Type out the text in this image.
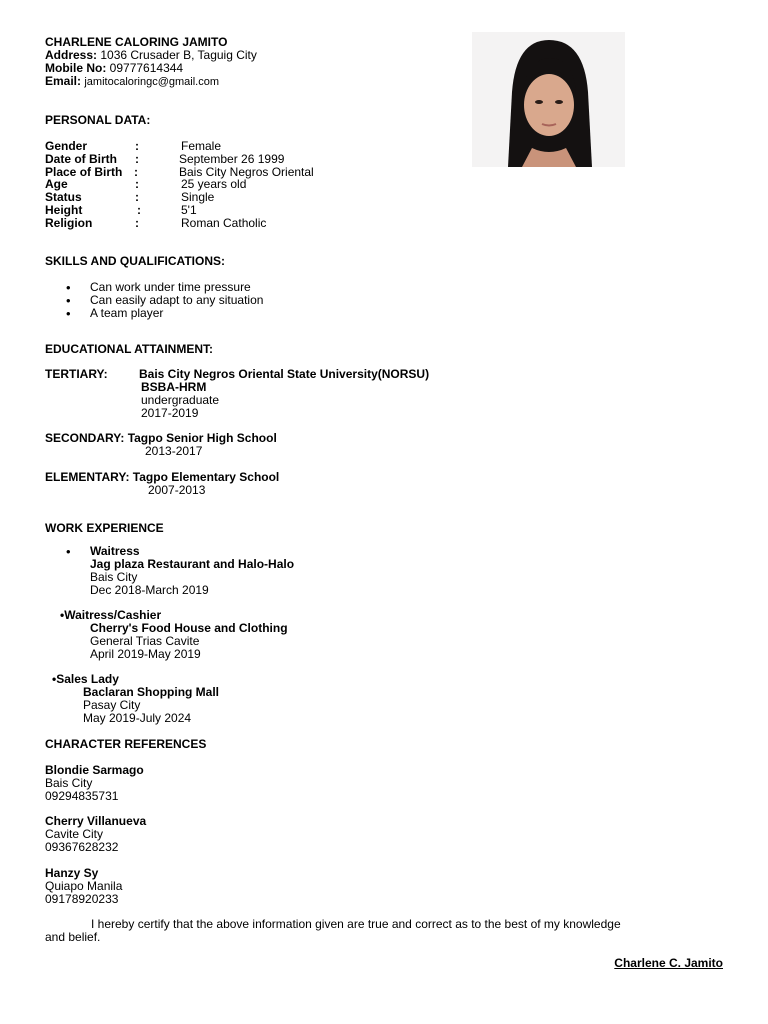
CHARLENE CALORING JAMITO
Address: 1036 Crusader B, Taguig City
Mobile No: 09777614344
Email: jamitocaloringc@gmail.com
PERSONAL DATA:
Gender	:	Female
Date of Birth :	September 26 1999
Place of Birth :	Bais City Negros Oriental
Age	:	25 years old
Status	:	Single
Height	:	5'1
Religion	:	Roman Catholic
SKILLS AND QUALIFICATIONS:
• Can work under time pressure
• Can easily adapt to any situation
• A team player
EDUCATIONAL ATTAINMENT:
TERTIARY:	Bais City Negros Oriental State University(NORSU)
BSBA-HRM
undergraduate
2017-2019
SECONDARY: Tagpo Senior High School
2013-2017
ELEMENTARY: Tagpo Elementary School
2007-2013
WORK EXPERIENCE
• Waitress
Jag plaza Restaurant and Halo-Halo
Bais City
Dec 2018-March 2019
•Waitress/Cashier
Cherry's Food House and Clothing
General Trias Cavite
April 2019-May 2019
•Sales Lady
Baclaran Shopping Mall
Pasay City
May 2019-July 2024
CHARACTER REFERENCES
Blondie Sarmago
Bais City
09294835731
Cherry Villanueva
Cavite City
09367628232
Hanzy Sy
Quiapo Manila
09178920233
I hereby certify that the above information given are true and correct as to the best of my knowledge
and belief.
Charlene C. Jamito
